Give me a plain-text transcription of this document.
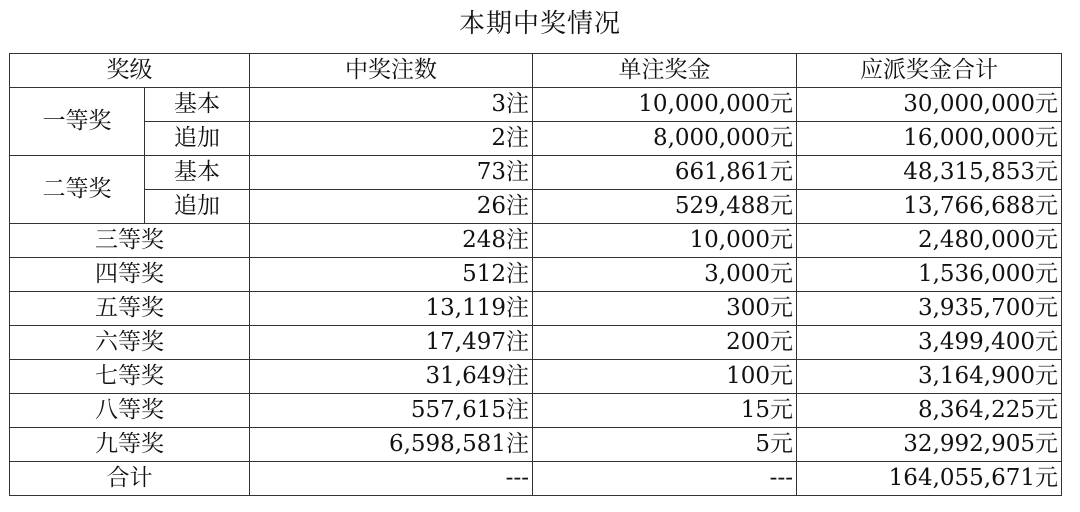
本期中奖情况
奖级		中奖注数	单注奖金	应派奖金合计
一等奖	基本	3注	10,000,000元	30,000,000元
	追加	2注	8,000,000元	16,000,000元
二等奖	基本	73注	661,861元	48,315,853元
	追加	26注	529,488元	13,766,688元
三等奖		248注	10,000元	2,480,000元
四等奖		512注	3,000元	1,536,000元
五等奖		13,119注	300元	3,935,700元
六等奖		17,497注	200元	3,499,400元
七等奖		31,649注	100元	3,164,900元
八等奖		557,615注	15元	8,364,225元
九等奖		6,598,581注	5元	32,992,905元
合计		---	---	164,055,671元
